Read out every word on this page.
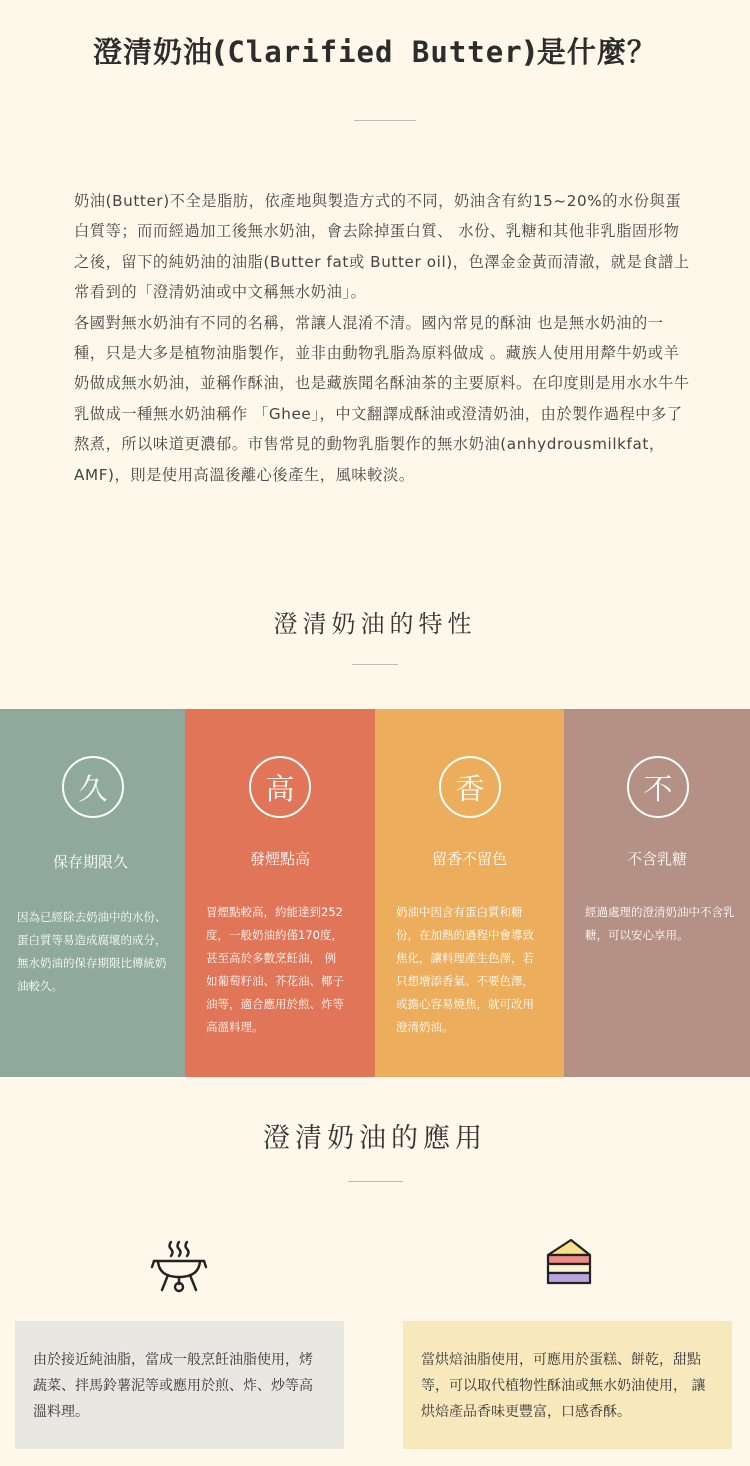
澄清奶油(Clarified Butter)是什麼？

奶油(Butter)不全是脂肪，依產地與製造方式的不同，奶油含有約15~20%的水份與蛋白質等；而而經過加工後無水奶油，會去除掉蛋白質、 水份、乳糖和其他非乳脂固形物之後，留下的純奶油的油脂(Butter fat或 Butter oil)，色澤金金黃而清澈，就是食譜上常看到的「澄清奶油或中文稱無水奶油」。

各國對無水奶油有不同的名稱，常讓人混淆不清。國內常見的酥油 也是無水奶油的一種，只是大多是植物油脂製作，並非由動物乳脂為原料做成 。藏族人使用用犛牛奶或羊奶做成無水奶油，並稱作酥油，也是藏族聞名酥油茶的主要原料。在印度則是用水水牛牛乳做成一種無水奶油稱作 「Ghee」，中文翻譯成酥油或澄清奶油，由於製作過程中多了熬煮，所以味道更濃郁。市售常見的動物乳脂製作的無水奶油(anhydrousmilkfat， AMF)，則是使用高溫後離心後產生，風味較淡。

澄清奶油的特性
久
保存期限久
因為已經除去奶油中的水份、蛋白質等易造成腐壞的成分，無水奶油的保存期限比傳統奶油較久。
高
發煙點高
冒煙點較高，約能達到252度，一般奶油約僅170度，甚至高於多數烹飪油， 例如葡萄籽油、芥花油、椰子油等，適合應用於煎、炸等高溫料理。
香
留香不留色
奶油中因含有蛋白質和糖份，在加熱的過程中會導致焦化，讓料理產生色澤，若只想增添香氣、不要色澤，或擔心容易燒焦，就可改用澄清奶油。
不
不含乳糖
經過處理的澄清奶油中不含乳糖，可以安心享用。
澄清奶油的應用
由於接近純油脂，當成一般烹飪油脂使用，烤蔬菜、拌馬鈴薯泥等或應用於煎、炸、炒等高溫料理。
當烘焙油脂使用，可應用於蛋糕、餅乾，甜點等，可以取代植物性酥油或無水奶油使用， 讓烘焙產品香味更豐富，口感香酥。
